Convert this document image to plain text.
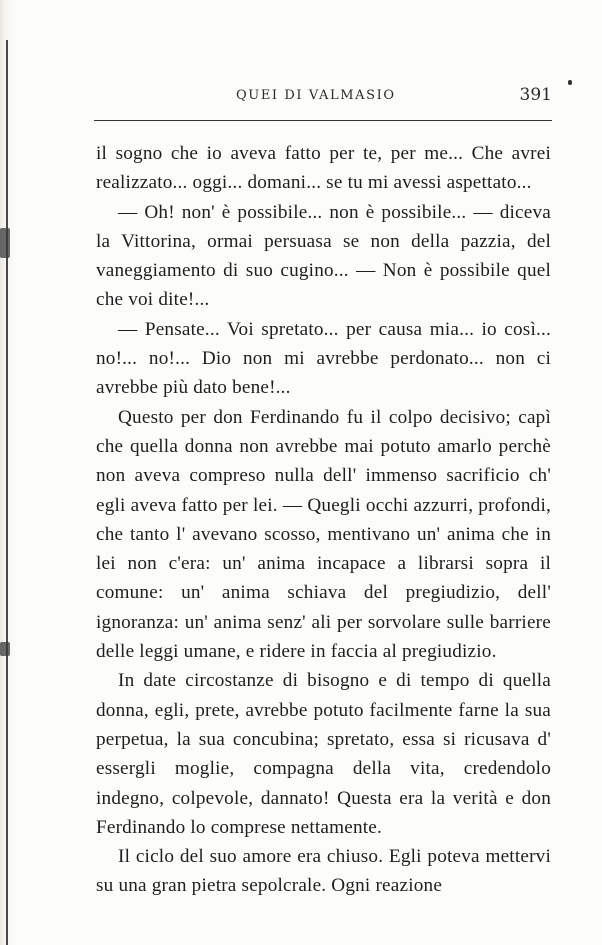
QUEI DI VALMASIO	391

il sogno che io aveva fatto per te, per me... Che avrei realizzato... oggi... domani... se tu mi avessi aspettato...

— Oh! non' è possibile... non è possibile... — diceva la Vittorina, ormai persuasa se non della pazzia, del vaneggiamento di suo cugino... — Non è possibile quel che voi dite!...

— Pensate... Voi spretato... per causa mia... io così... no!... no!... Dio non mi avrebbe perdonato... non ci avrebbe più dato bene!...

Questo per don Ferdinando fu il colpo decisivo; capì che quella donna non avrebbe mai potuto amarlo perchè non aveva compreso nulla dell' immenso sacrificio ch' egli aveva fatto per lei. — Quegli occhi azzurri, profondi, che tanto l' avevano scosso, mentivano un' anima che in lei non c'era: un' anima incapace a librarsi sopra il comune: un' anima schiava del pregiudizio, dell' ignoranza: un' anima senz' ali per sorvolare sulle barriere delle leggi umane, e ridere in faccia al pregiudizio.

In date circostanze di bisogno e di tempo di quella donna, egli, prete, avrebbe potuto facilmente farne la sua perpetua, la sua concubina; spretato, essa si ricusava d' essergli moglie, compagna della vita, credendolo indegno, colpevole, dannato! Questa era la verità e don Ferdinando lo comprese nettamente.

Il ciclo del suo amore era chiuso. Egli poteva mettervi su una gran pietra sepolcrale. Ogni reazione
